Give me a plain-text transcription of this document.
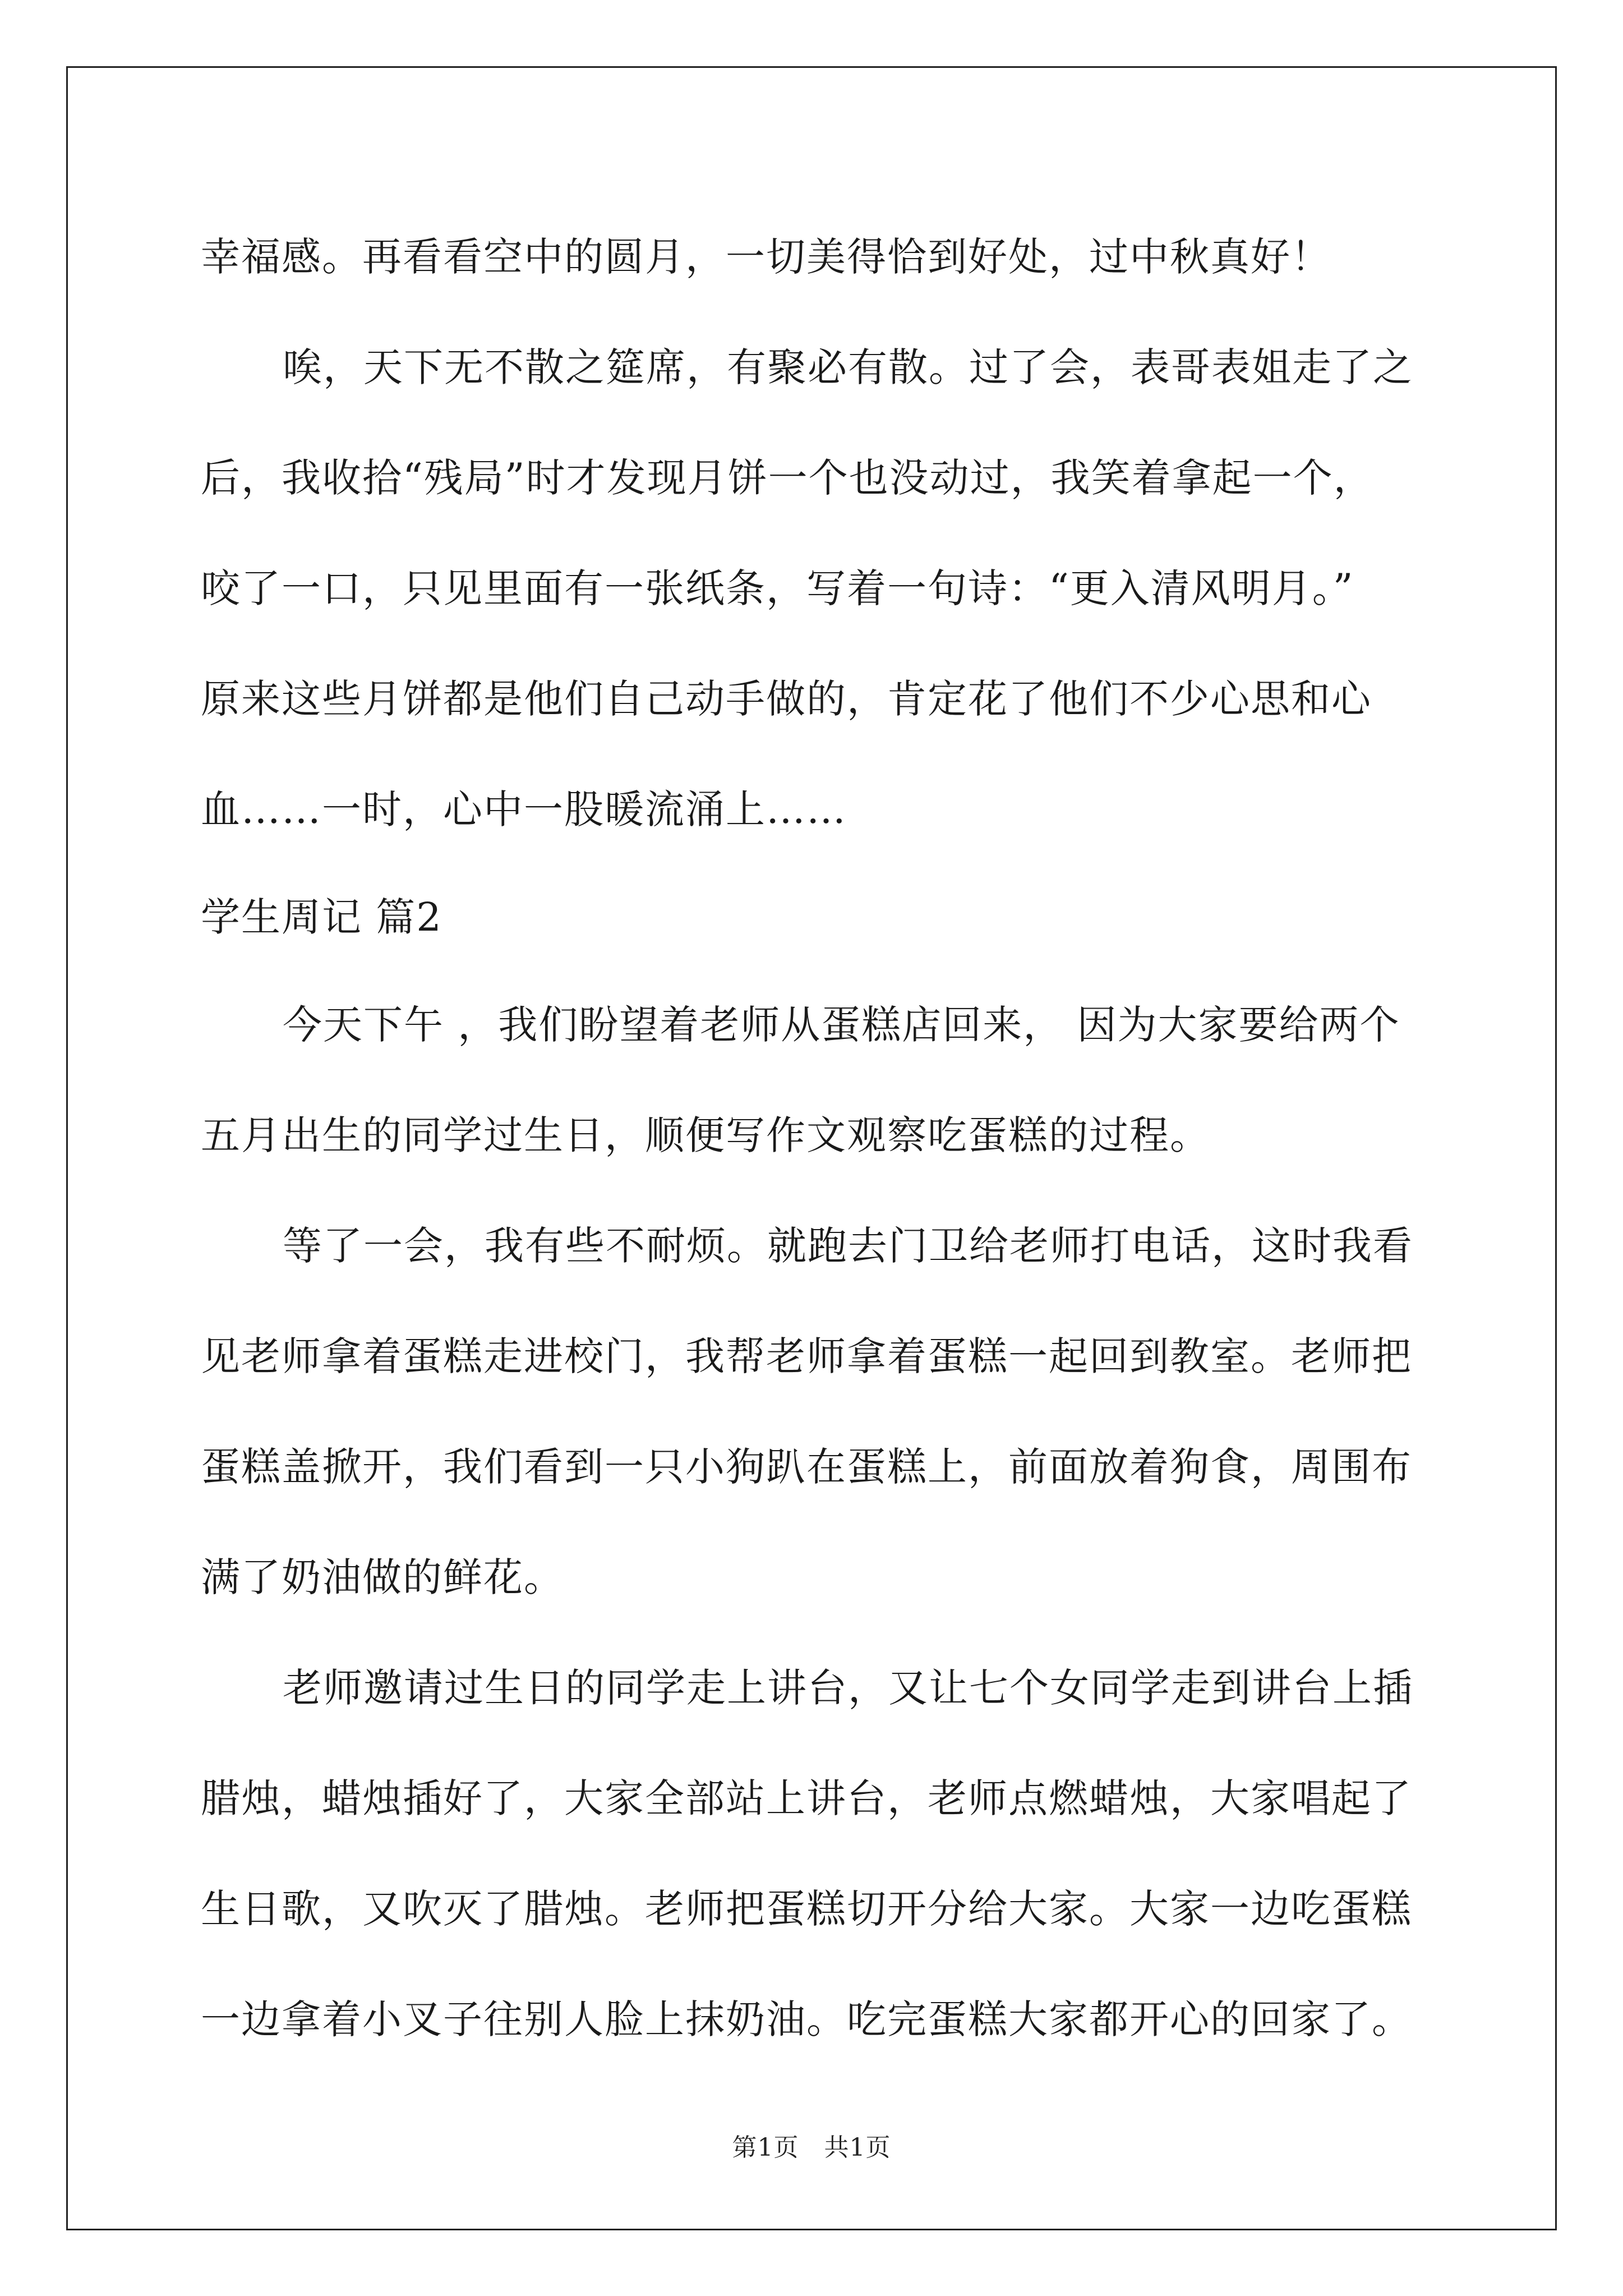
幸福感。再看看空中的圆月，一切美得恰到好处，过中秋真好！
唉，天下无不散之筵席，有聚必有散。过了会，表哥表姐走了之
后，我收拾“残局”时才发现月饼一个也没动过，我笑着拿起一个，
咬了一口，只见里面有一张纸条，写着一句诗：“更入清风明月。”
原来这些月饼都是他们自己动手做的，肯定花了他们不少心思和心
血……一时，心中一股暖流涌上……
学生周记 篇2
今天下午 ，我们盼望着老师从蛋糕店回来， 因为大家要给两个
五月出生的同学过生日，顺便写作文观察吃蛋糕的过程。
等了一会，我有些不耐烦。就跑去门卫给老师打电话，这时我看
见老师拿着蛋糕走进校门，我帮老师拿着蛋糕一起回到教室。老师把
蛋糕盖掀开，我们看到一只小狗趴在蛋糕上，前面放着狗食，周围布
满了奶油做的鲜花。
老师邀请过生日的同学走上讲台，又让七个女同学走到讲台上插
腊烛，蜡烛插好了，大家全部站上讲台，老师点燃蜡烛，大家唱起了
生日歌，又吹灭了腊烛。老师把蛋糕切开分给大家。大家一边吃蛋糕
一边拿着小叉子往别人脸上抹奶油。吃完蛋糕大家都开心的回家了。
第1页　共1页
